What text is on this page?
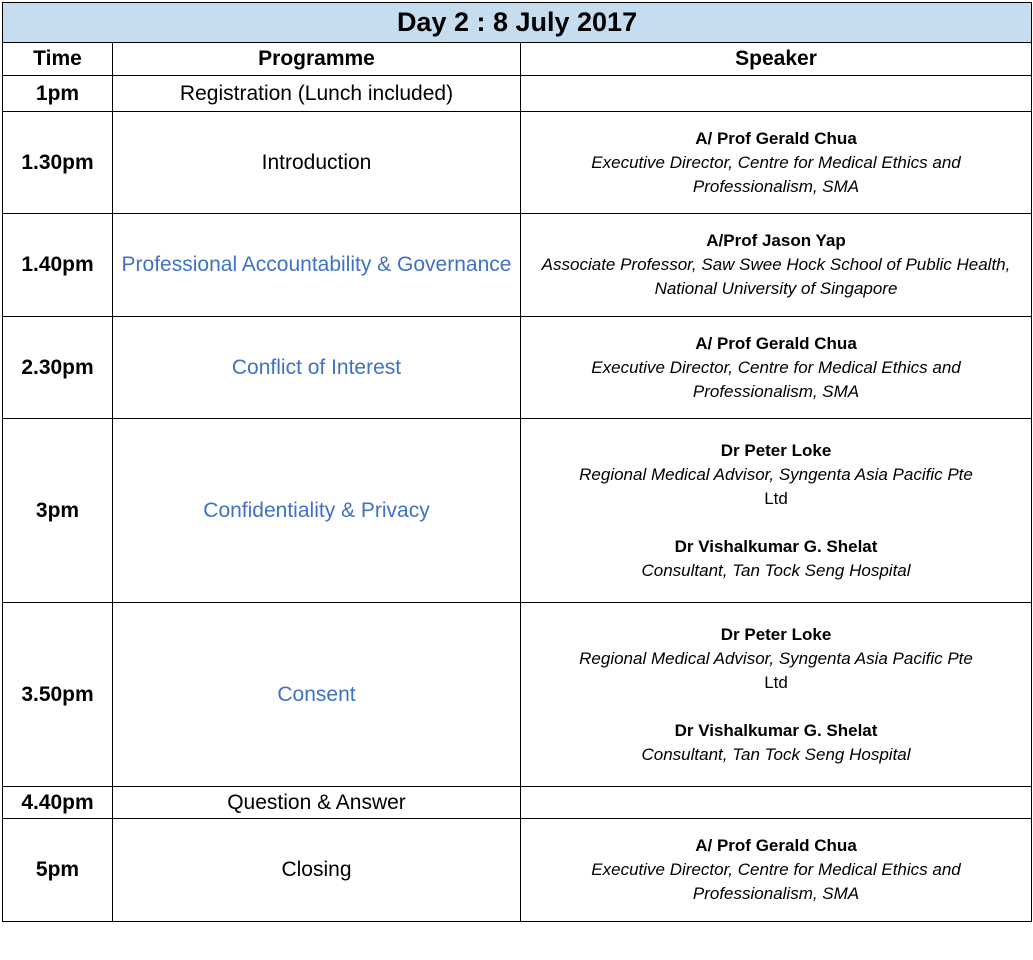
Day 2 : 8 July 2017		
Time	Programme	Speaker
1pm	Registration (Lunch included)	
1.30pm	Introduction	A/ Prof Gerald Chua
Executive Director, Centre for Medical Ethics and Professionalism, SMA

1.40pm	Professional Accountability & Governance	A/Prof Jason Yap
Associate Professor, Saw Swee Hock School of Public Health, National University of Singapore

2.30pm	Conflict of Interest	A/ Prof Gerald Chua
Executive Director, Centre for Medical Ethics and Professionalism, SMA

3pm	Confidentiality & Privacy	Dr Peter Loke
Regional Medical Advisor, Syngenta Asia Pacific Pte
Ltd
Dr Vishalkumar G. Shelat
Consultant, Tan Tock Seng Hospital

3.50pm	Consent	Dr Peter Loke
Regional Medical Advisor, Syngenta Asia Pacific Pte
Ltd
Dr Vishalkumar G. Shelat
Consultant, Tan Tock Seng Hospital

4.40pm	Question & Answer	
5pm	Closing	A/ Prof Gerald Chua
Executive Director, Centre for Medical Ethics and Professionalism, SMA
